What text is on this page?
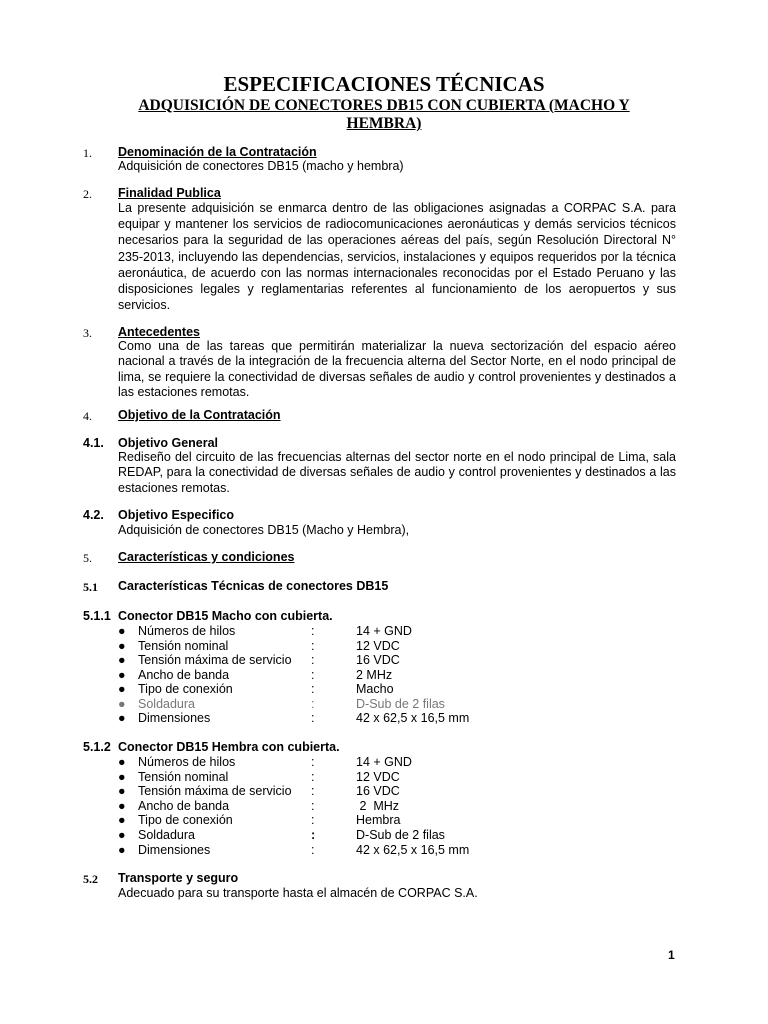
ESPECIFICACIONES TÉCNICAS
ADQUISICIÓN DE CONECTORES DB15 CON CUBIERTA (MACHO Y HEMBRA)
1. Denominación de la Contratación
Adquisición de conectores DB15 (macho y hembra)
2. Finalidad Publica
La presente adquisición se enmarca dentro de las obligaciones asignadas a CORPAC S.A. para equipar y mantener los servicios de radiocomunicaciones aeronáuticas y demás servicios técnicos necesarios para la seguridad de las operaciones aéreas del país, según Resolución Directoral N° 235-2013, incluyendo las dependencias, servicios, instalaciones y equipos requeridos por la técnica aeronáutica, de acuerdo con las normas internacionales reconocidas por el Estado Peruano y las disposiciones legales y reglamentarias referentes al funcionamiento de los aeropuertos y sus servicios.
3. Antecedentes
Como una de las tareas que permitirán materializar la nueva sectorización del espacio aéreo nacional a través de la integración de la frecuencia alterna del Sector Norte, en el nodo principal de lima, se requiere la conectividad de diversas señales de audio y control provenientes y destinados a las estaciones remotas.
4. Objetivo de la Contratación
4.1. Objetivo General
Rediseño del circuito de las frecuencias alternas del sector norte en el nodo principal de Lima, sala REDAP, para la conectividad de diversas señales de audio y control provenientes y destinados a las estaciones remotas.
4.2. Objetivo Especifico
Adquisición de conectores DB15 (Macho y Hembra),
5. Características y condiciones
5.1 Características Técnicas de conectores DB15
5.1.1 Conector DB15 Macho con cubierta.
● Números de hilos	:	14 + GND
● Tensión nominal	:	12 VDC
● Tensión máxima de servicio :	16 VDC
● Ancho de banda	:	2 MHz
● Tipo de conexión	:	Macho
● Soldadura	:	D-Sub de 2 filas
● Dimensiones	:	42 x 62,5 x 16,5 mm
5.1.2 Conector DB15 Hembra con cubierta.
● Números de hilos	:	14 + GND
● Tensión nominal	:	12 VDC
● Tensión máxima de servicio :	16 VDC
● Ancho de banda	:	2  MHz
● Tipo de conexión	:	Hembra
● Soldadura	:	D-Sub de 2 filas
● Dimensiones	:	42 x 62,5 x 16,5 mm
5.2 Transporte y seguro
Adecuado para su transporte hasta el almacén de CORPAC S.A.
1
